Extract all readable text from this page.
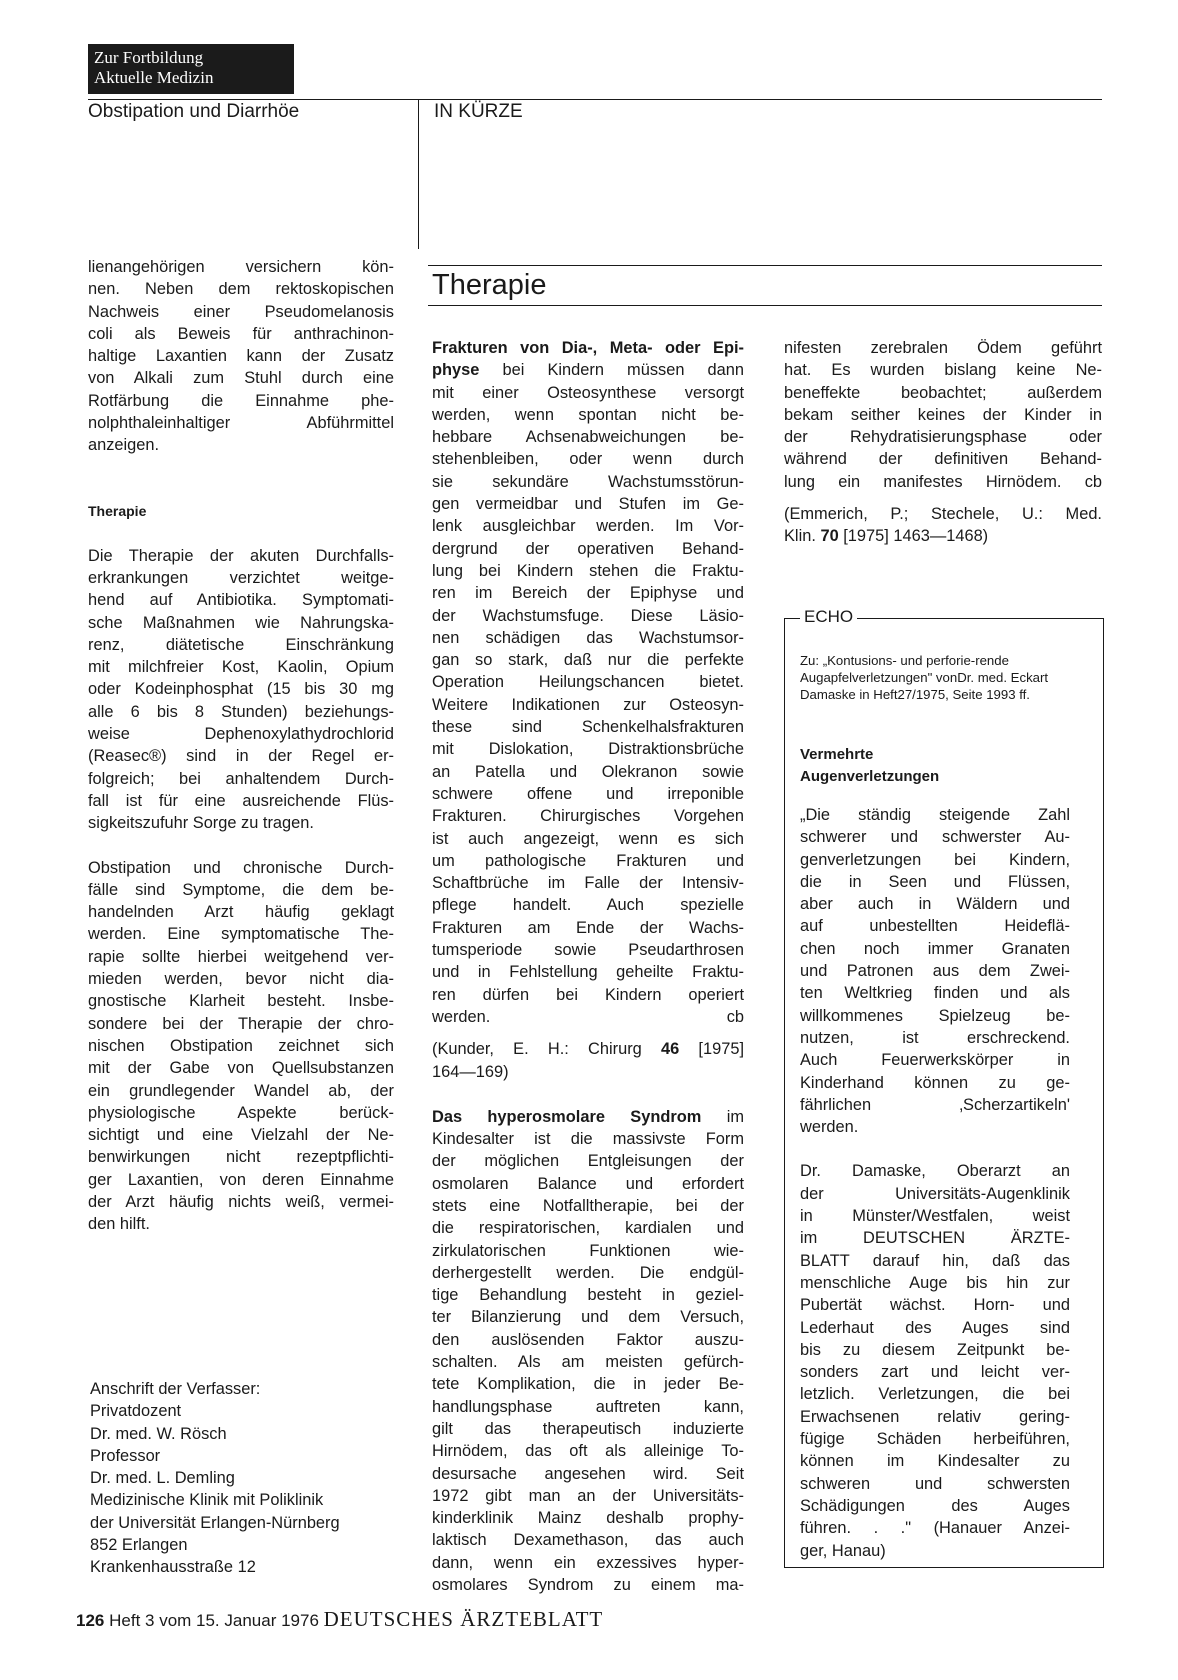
Zur Fortbildung
Aktuelle Medizin
Obstipation und Diarrhöe	IN KÜRZE

lienangehörigen versichern kön-
nen. Neben dem rektoskopischen
Nachweis einer Pseudomelanosis
coli als Beweis für anthrachinon-
haltige Laxantien kann der Zusatz
von Alkali zum Stuhl durch eine
Rotfärbung die Einnahme phe-
nolphthaleinhaltiger Abführmittel
anzeigen.

Therapie

Die Therapie der akuten Durchfalls-
erkrankungen verzichtet weitge-
hend auf Antibiotika. Symptomati-
sche Maßnahmen wie Nahrungska-
renz, diätetische Einschränkung
mit milchfreier Kost, Kaolin, Opium
oder Kodeinphosphat (15 bis 30 mg
alle 6 bis 8 Stunden) beziehungs-
weise Dephenoxylathydrochlorid
(Reasec®) sind in der Regel er-
folgreich; bei anhaltendem Durch-
fall ist für eine ausreichende Flüs-
sigkeitszufuhr Sorge zu tragen.

Obstipation und chronische Durch-
fälle sind Symptome, die dem be-
handelnden Arzt häufig geklagt
werden. Eine symptomatische The-
rapie sollte hierbei weitgehend ver-
mieden werden, bevor nicht dia-
gnostische Klarheit besteht. Insbe-
sondere bei der Therapie der chro-
nischen Obstipation zeichnet sich
mit der Gabe von Quellsubstanzen
ein grundlegender Wandel ab, der
physiologische Aspekte berück-
sichtigt und eine Vielzahl der Ne-
benwirkungen nicht rezeptpflichti-
ger Laxantien, von deren Einnahme
der Arzt häufig nichts weiß, vermei-
den hilft.

Anschrift der Verfasser:
Privatdozent
Dr. med. W. Rösch
Professor
Dr. med. L. Demling
Medizinische Klinik mit Poliklinik
der Universität Erlangen-Nürnberg
852 Erlangen
Krankenhausstraße 12
Therapie

Frakturen von Dia-, Meta- oder Epi-
physe bei Kindern müssen dann
mit einer Osteosynthese versorgt
werden, wenn spontan nicht be-
hebbare Achsenabweichungen be-
stehenbleiben, oder wenn durch
sie sekundäre Wachstumsstörun-
gen vermeidbar und Stufen im Ge-
lenk ausgleichbar werden. Im Vor-
dergrund der operativen Behand-
lung bei Kindern stehen die Fraktu-
ren im Bereich der Epiphyse und
der Wachstumsfuge. Diese Läsio-
nen schädigen das Wachstumsor-
gan so stark, daß nur die perfekte
Operation Heilungschancen bietet.
Weitere Indikationen zur Osteosyn-
these sind Schenkelhalsfrakturen
mit Dislokation, Distraktionsbrüche
an Patella und Olekranon sowie
schwere offene und irreponible
Frakturen. Chirurgisches Vorgehen
ist auch angezeigt, wenn es sich
um pathologische Frakturen und
Schaftbrüche im Falle der Intensiv-
pflege handelt. Auch spezielle
Frakturen am Ende der Wachs-
tumsperiode sowie Pseudarthrosen
und in Fehlstellung geheilte Fraktu-
ren dürfen bei Kindern operiert
werden.	cb

(Kunder, E. H.: Chirurg 46 [1975]
164—169)

Das hyperosmolare Syndrom im
Kindesalter ist die massivste Form
der möglichen Entgleisungen der
osmolaren Balance und erfordert
stets eine Notfalltherapie, bei der
die respiratorischen, kardialen und
zirkulatorischen Funktionen wie-
derhergestellt werden. Die endgül-
tige Behandlung besteht in geziel-
ter Bilanzierung und dem Versuch,
den auslösenden Faktor auszu-
schalten. Als am meisten gefürch-
tete Komplikation, die in jeder Be-
handlungsphase auftreten kann,
gilt das therapeutisch induzierte
Hirnödem, das oft als alleinige To-
desursache angesehen wird. Seit
1972 gibt man an der Universitäts-
kinderklinik Mainz deshalb prophy-
laktisch Dexamethason, das auch
dann, wenn ein exzessives hyper-
osmolares Syndrom zu einem ma-

nifesten zerebralen Ödem geführt
hat. Es wurden bislang keine Ne-
beneffekte beobachtet; außerdem
bekam seither keines der Kinder in
der Rehydratisierungsphase oder
während der definitiven Behand-
lung ein manifestes Hirnödem. cb

(Emmerich, P.; Stechele, U.: Med.
Klin. 70 [1975] 1463—1468)

ECHO
Zu: „Kontusions- und perforie-rende Augapfelverletzungen" vonDr. med. Eckart Damaske in Heft27/1975, Seite 1993 ff.
Vermehrte
Augenverletzungen

„Die ständig steigende Zahl
schwerer und schwerster Au-
genverletzungen bei Kindern,
die in Seen und Flüssen,
aber auch in Wäldern und
auf unbestellten Heideflä-
chen noch immer Granaten
und Patronen aus dem Zwei-
ten Weltkrieg finden und als
willkommenes Spielzeug be-
nutzen, ist erschreckend.
Auch Feuerwerkskörper in
Kinderhand können zu ge-
fährlichen ‚Scherzartikeln'
werden.

Dr. Damaske, Oberarzt an
der Universitäts-Augenklinik
in Münster/Westfalen, weist
im DEUTSCHEN ÄRZTE-
BLATT darauf hin, daß das
menschliche Auge bis hin zur
Pubertät wächst. Horn- und
Lederhaut des Auges sind
bis zu diesem Zeitpunkt be-
sonders zart und leicht ver-
letzlich. Verletzungen, die bei
Erwachsenen relativ gering-
fügige Schäden herbeiführen,
können im Kindesalter zu
schweren und schwersten
Schädigungen des Auges
führen. . ." (Hanauer Anzei-
ger, Hanau)

126 Heft 3 vom 15. Januar 1976 DEUTSCHES ÄRZTEBLATT
